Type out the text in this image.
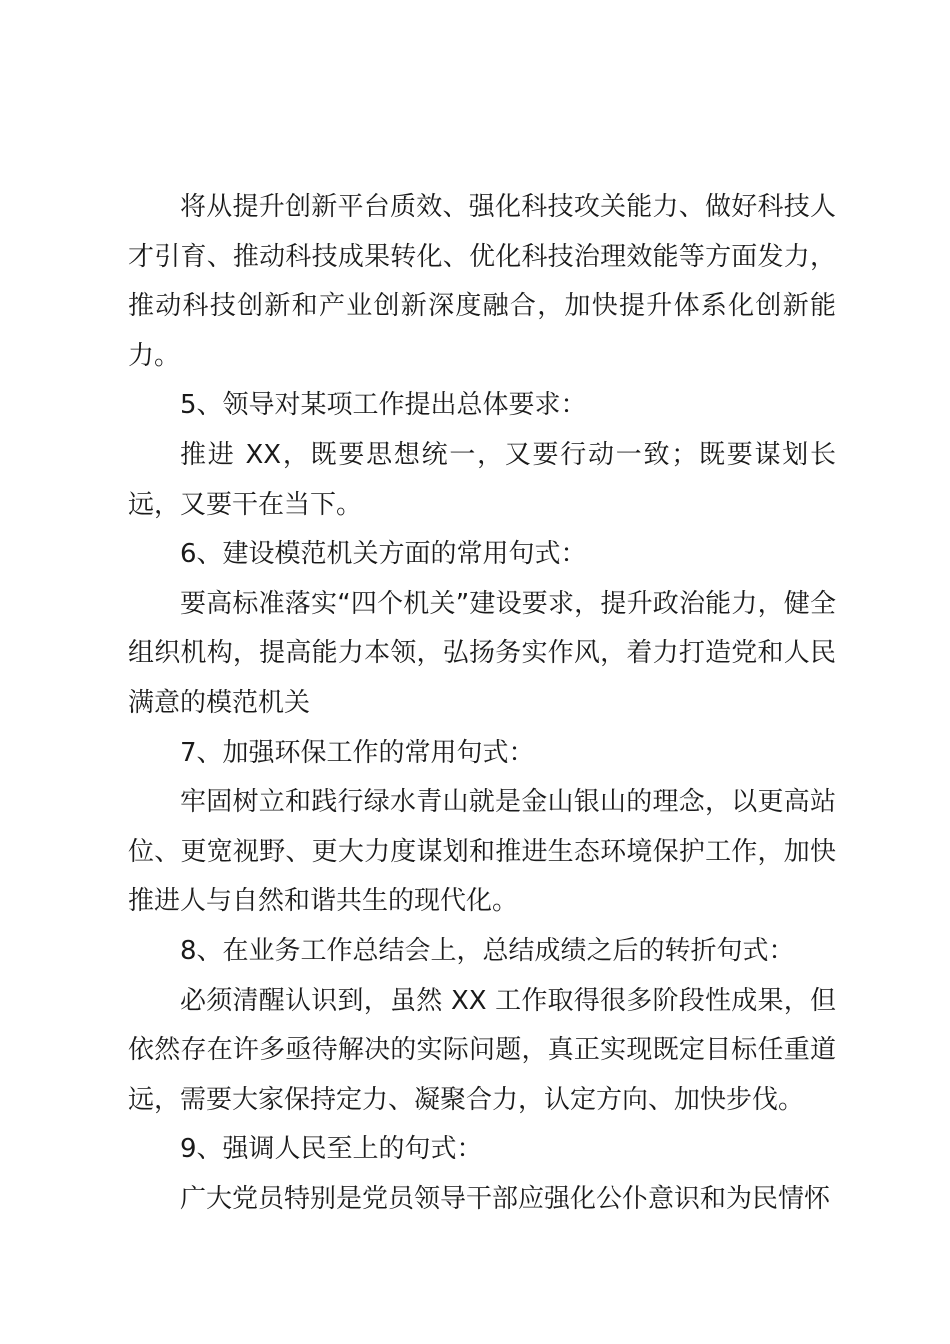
将从提升创新平台质效、强化科技攻关能力、做好科技人才引育、推动科技成果转化、优化科技治理效能等方面发力，推动科技创新和产业创新深度融合，加快提升体系化创新能力。

5、领导对某项工作提出总体要求：

推进 XX，既要思想统一，又要行动一致；既要谋划长远，又要干在当下。

6、建设模范机关方面的常用句式：

要高标准落实“四个机关”建设要求，提升政治能力，健全组织机构，提高能力本领，弘扬务实作风，着力打造党和人民满意的模范机关

7、加强环保工作的常用句式：

牢固树立和践行绿水青山就是金山银山的理念，以更高站位、更宽视野、更大力度谋划和推进生态环境保护工作，加快推进人与自然和谐共生的现代化。

8、在业务工作总结会上，总结成绩之后的转折句式：

必须清醒认识到，虽然 XX 工作取得很多阶段性成果，但依然存在许多亟待解决的实际问题，真正实现既定目标任重道远，需要大家保持定力、凝聚合力，认定方向、加快步伐。

9、强调人民至上的句式：

广大党员特别是党员领导干部应强化公仆意识和为民情怀
